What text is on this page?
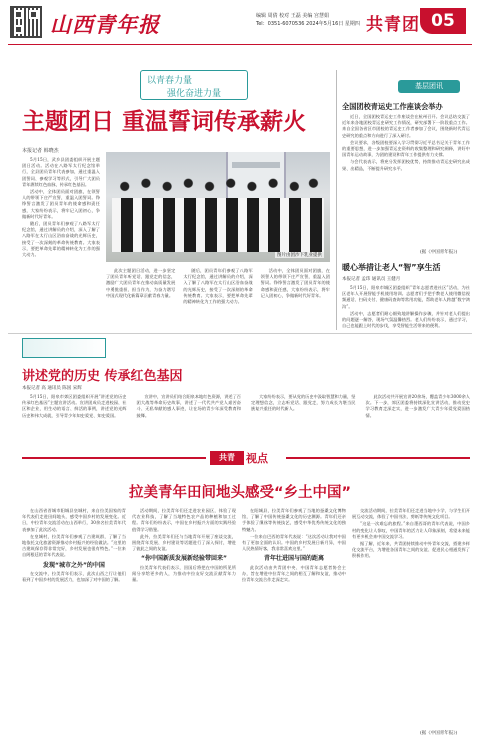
山西青年报	编辑 周倩 校对 王磊 美编 宫慧娟
Tel：0351-6070536 2024年5月16日 星期四 共青团 05
以青春力量
强化奋进力量
主题团日 重温誓词传承薪火
本报记者 韩晓杰

5月15日，武乡县团委组织开展主题团日活动。活动在八路军太行纪念馆举行，全县团员青年代表参加，通过重温入团誓词、参观学习等形式，引导广大团员青年赓续红色血脉，传承红色基因。

活动中，全体团员面对团旗，在领誓人的带领下庄严宣誓，重温入团誓词。铮铮誓言激发了团员青年的使命感和责任感，大家纷纷表示，将牢记入团初心，争做新时代好青年。

随后，团员青年们参观了八路军太行纪念馆，通过讲解员的介绍，深入了解了八路军在太行山区浴血奋战的光辉历史，接受了一次深刻的革命传统教育。大家表示，要把革命先辈的精神转化为工作的强大动力。	图片由团沙下乳业提供

此次主题团日活动，进一步坚定了团员青年听党话、跟党走的信念，激励广大团员青年在推动高质量发展中勇挑重担、担当作为，为奋力谱写中国式现代化新篇章贡献青春力量。

随后，团员青年们参观了八路军太行纪念馆，通过讲解员的介绍，深入了解了八路军在太行山区浴血奋战的光辉历史，接受了一次深刻的革命传统教育。大家表示，要把革命先辈的精神转化为工作的强大动力。

活动中，全体团员面对团旗，在领誓人的带领下庄严宣誓，重温入团誓词。铮铮誓言激发了团员青年的使命感和责任感，大家纷纷表示，将牢记入团初心，争做新时代好青年。

基层团讯
全国团校青运史工作座谈会举办

近日，全国团校青运史工作座谈会在杭州召开。会议总结交流了近年来各地团校青运史研究工作情况，研究部署下一阶段重点工作。来自全国各省区市团校的青运史工作者参加了会议，围绕新时代青运史研究的重点和方向进行了深入研讨。

会议要求，各级团校要深入学习贯彻习近平总书记关于青年工作的重要思想，进一步加强青运史资料的收集整理和研究阐释，讲好中国青年运动故事，为团的建设和青年工作提供有力支撑。

与会代表表示，将充分发挥团校优势，持续推动青运史研究出成果、出精品，不断提升研究水平。

(据《中国青年报》)
暖心举措让老人“智”享生活
本报记者 孟玮 通讯员 王健月

5月15日，阳泉市城区团委组织“青年志愿者进社区”活动，为社区老年人开展智能手机使用培训。志愿者们手把手教老人使用微信视频通话、扫码支付、健康码查询等常用功能，帮助老年人跨越“数字鸿沟”。

活动中，志愿者们耐心细致地讲解操作步骤，并针对老人们提出的问题逐一解答，现场气氛温馨热烈。老人们纷纷表示，通过学习，自己也能跟上时代的步伐，享受智能生活带来的便利。

讲述党的历史 传承红色基因
本报记者 高 通讯员 陈国 宋辉

5月15日，阳泉市郊区团委组织开展“讲述党的历史 传承红色基因”主题宣讲活动。宣讲团成员走进校园、社区和企业，用生动的语言、鲜活的事例，讲述党的光辉历史和伟大成就，引导青少年知史爱党、知史爱国。

宣讲中，宣讲员们结合阳泉本地红色资源，讲述了百团大战等革命历史故事，讲述了一代代共产党人艰苦奋斗、无私奉献的感人事迹，让在场的青少年深受教育和鼓舞。

大家纷纷表示，要从党的历史中汲取智慧和力量，坚定理想信念，立志听党话、跟党走，努力成长为堪当民族复兴重任的时代新人。

此次活动共开展宣讲20余场，覆盖青少年3000余人次。下一步，郊区团委将持续深化宣讲活动，推动党史学习教育走深走实，进一步激发广大青少年爱党爱国热情。

共青	视点
拉美青年田间地头感受“乡土中国”

在山西省晋城市阳城县皇城村，来自拉美国家的青年代表们走进田间地头，感受中国乡村的发展变化。近日，中拉青年交流活动在山西举行，30余名拉美青年代表参加了此次活动。

在皇城村，拉美青年们参观了古建筑群，了解了当地依托文化旅游资源推动乡村振兴的经验做法。“这里的古建筑保存得非常完好，乡村发展也很有特色。”一位来自阿根廷的青年代表说。

发现“城市之外”的中国

在交流中，拉美青年们表示，此次山西之行让他们看到了中国乡村的发展活力，也加深了对中国的了解。

活动期间，拉美青年们还走进农业园区，体验了现代农业科技，了解了当地特色农产品的种植和加工过程。青年们纷纷表示，中国在乡村振兴方面的实践经验值得学习借鉴。

此外，拉美青年们还与当地青年开展了座谈交流，围绕青年发展、乡村建设等话题进行了深入探讨，增进了彼此之间的友谊。

“你中国新质发展新经验带回来”

拉美青年代表们表示，回国后将把在中国的所见所闻分享给更多的人，为推动中拉友好交流贡献青年力量。

在阳城县，拉美青年们参观了当地的蚕桑文化博物馆，了解了中国传统蚕桑文化的历史渊源。青年们还亲手体验了缫丝等传统技艺，感受中华优秀传统文化的独特魅力。

一位来自巴西的青年代表说：“这次活动让我对中国有了更加全面的认识。中国的乡村发展日新月异，中国人民热情好客，我非常喜欢这里。”

青年壮进国与国的距离

此次活动由共青团中央、中国青年志愿者协会主办，旨在增进中拉青年之间的相互了解和友谊，推动中拉青年交流合作走深走实。

交流活动期间，拉美青年们还走进当地中小学，与学生们开展互动交流，体验了中国书法、剪纸等传统文化项目。

“这是一次难忘的旅程。”来自墨西哥的青年代表说，中国乡村的变化让人惊叹，中国青年的活力让人印象深刻，希望未来能有更多机会来中国交流学习。

据了解，近年来，共青团持续推动中外青年交流，搭建多样化交流平台，为增进各国青年之间的友谊、促进民心相通发挥了积极作用。

(据《中国青年报》)
